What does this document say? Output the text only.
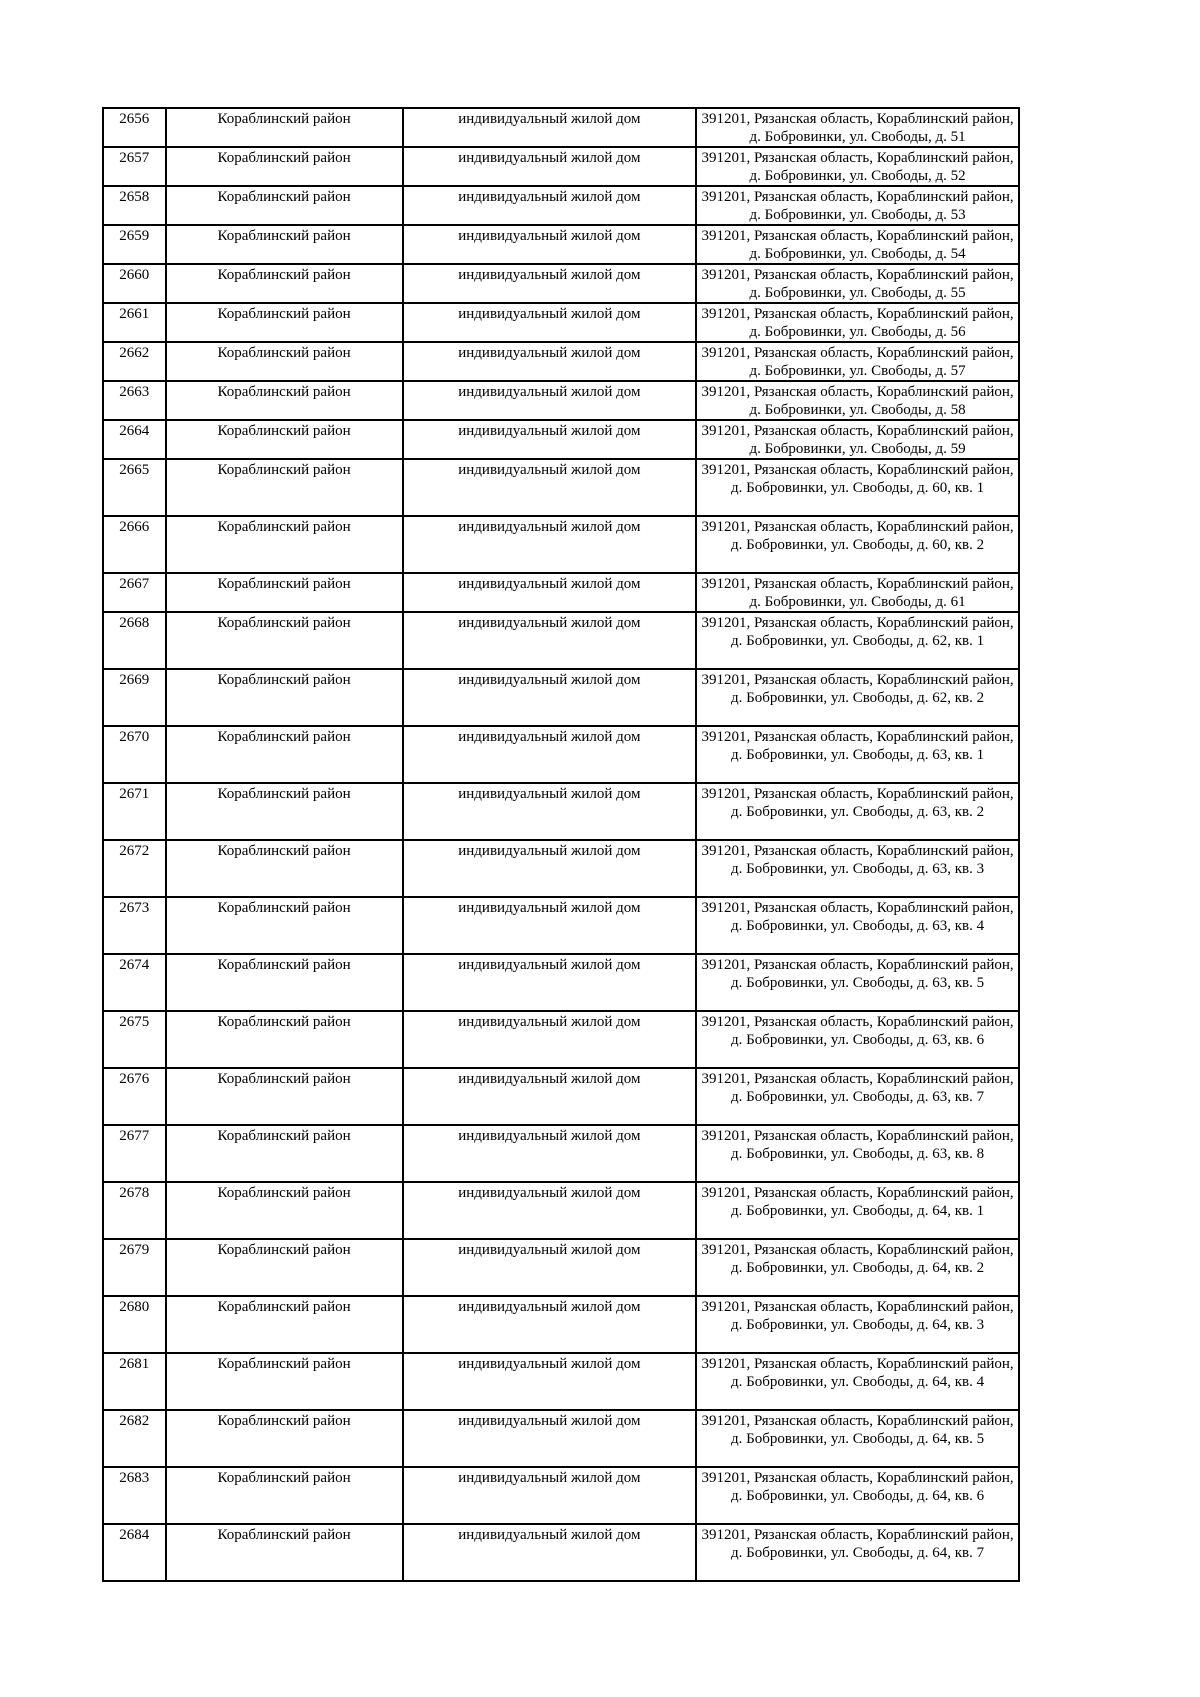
2656	Кораблинский район	индивидуальный жилой дом	391201, Рязанская область, Кораблинский район,
д. Бобровинки, ул. Свободы, д. 51

2657	Кораблинский район	индивидуальный жилой дом	391201, Рязанская область, Кораблинский район,
д. Бобровинки, ул. Свободы, д. 52

2658	Кораблинский район	индивидуальный жилой дом	391201, Рязанская область, Кораблинский район,
д. Бобровинки, ул. Свободы, д. 53

2659	Кораблинский район	индивидуальный жилой дом	391201, Рязанская область, Кораблинский район,
д. Бобровинки, ул. Свободы, д. 54

2660	Кораблинский район	индивидуальный жилой дом	391201, Рязанская область, Кораблинский район,
д. Бобровинки, ул. Свободы, д. 55

2661	Кораблинский район	индивидуальный жилой дом	391201, Рязанская область, Кораблинский район,
д. Бобровинки, ул. Свободы, д. 56

2662	Кораблинский район	индивидуальный жилой дом	391201, Рязанская область, Кораблинский район,
д. Бобровинки, ул. Свободы, д. 57

2663	Кораблинский район	индивидуальный жилой дом	391201, Рязанская область, Кораблинский район,
д. Бобровинки, ул. Свободы, д. 58

2664	Кораблинский район	индивидуальный жилой дом	391201, Рязанская область, Кораблинский район,
д. Бобровинки, ул. Свободы, д. 59

2665	Кораблинский район	индивидуальный жилой дом	391201, Рязанская область, Кораблинский район,
д. Бобровинки, ул. Свободы, д. 60, кв. 1

2666	Кораблинский район	индивидуальный жилой дом	391201, Рязанская область, Кораблинский район,
д. Бобровинки, ул. Свободы, д. 60, кв. 2

2667	Кораблинский район	индивидуальный жилой дом	391201, Рязанская область, Кораблинский район,
д. Бобровинки, ул. Свободы, д. 61

2668	Кораблинский район	индивидуальный жилой дом	391201, Рязанская область, Кораблинский район,
д. Бобровинки, ул. Свободы, д. 62, кв. 1

2669	Кораблинский район	индивидуальный жилой дом	391201, Рязанская область, Кораблинский район,
д. Бобровинки, ул. Свободы, д. 62, кв. 2

2670	Кораблинский район	индивидуальный жилой дом	391201, Рязанская область, Кораблинский район,
д. Бобровинки, ул. Свободы, д. 63, кв. 1

2671	Кораблинский район	индивидуальный жилой дом	391201, Рязанская область, Кораблинский район,
д. Бобровинки, ул. Свободы, д. 63, кв. 2

2672	Кораблинский район	индивидуальный жилой дом	391201, Рязанская область, Кораблинский район,
д. Бобровинки, ул. Свободы, д. 63, кв. 3

2673	Кораблинский район	индивидуальный жилой дом	391201, Рязанская область, Кораблинский район,
д. Бобровинки, ул. Свободы, д. 63, кв. 4

2674	Кораблинский район	индивидуальный жилой дом	391201, Рязанская область, Кораблинский район,
д. Бобровинки, ул. Свободы, д. 63, кв. 5

2675	Кораблинский район	индивидуальный жилой дом	391201, Рязанская область, Кораблинский район,
д. Бобровинки, ул. Свободы, д. 63, кв. 6

2676	Кораблинский район	индивидуальный жилой дом	391201, Рязанская область, Кораблинский район,
д. Бобровинки, ул. Свободы, д. 63, кв. 7

2677	Кораблинский район	индивидуальный жилой дом	391201, Рязанская область, Кораблинский район,
д. Бобровинки, ул. Свободы, д. 63, кв. 8

2678	Кораблинский район	индивидуальный жилой дом	391201, Рязанская область, Кораблинский район,
д. Бобровинки, ул. Свободы, д. 64, кв. 1

2679	Кораблинский район	индивидуальный жилой дом	391201, Рязанская область, Кораблинский район,
д. Бобровинки, ул. Свободы, д. 64, кв. 2

2680	Кораблинский район	индивидуальный жилой дом	391201, Рязанская область, Кораблинский район,
д. Бобровинки, ул. Свободы, д. 64, кв. 3

2681	Кораблинский район	индивидуальный жилой дом	391201, Рязанская область, Кораблинский район,
д. Бобровинки, ул. Свободы, д. 64, кв. 4

2682	Кораблинский район	индивидуальный жилой дом	391201, Рязанская область, Кораблинский район,
д. Бобровинки, ул. Свободы, д. 64, кв. 5

2683	Кораблинский район	индивидуальный жилой дом	391201, Рязанская область, Кораблинский район,
д. Бобровинки, ул. Свободы, д. 64, кв. 6

2684	Кораблинский район	индивидуальный жилой дом	391201, Рязанская область, Кораблинский район,
д. Бобровинки, ул. Свободы, д. 64, кв. 7
